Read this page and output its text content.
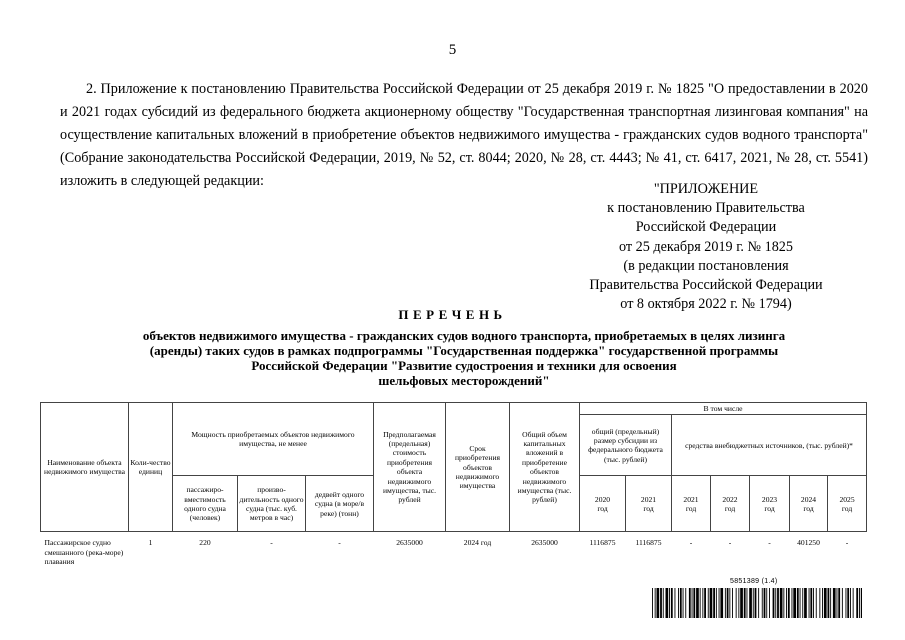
5
2. Приложение к постановлению Правительства Российской Федерации от 25 декабря 2019 г. № 1825 "О предоставлении в 2020 и 2021 годах субсидий из федерального бюджета акционерному обществу "Государственная транспортная лизинговая компания" на осуществление капитальных вложений в приобретение объектов недвижимого имущества - гражданских судов водного транспорта" (Собрание законодательства Российской Федерации, 2019, № 52, ст. 8044; 2020, № 28, ст. 4443; № 41, ст. 6417, 2021, № 28, ст. 5541) изложить в следующей редакции:	"ПРИЛОЖЕНИЕ
к постановлению Правительства
Российской Федерации
от 25 декабря 2019 г. № 1825
(в редакции постановления
Правительства Российской Федерации
от 8 октября 2022 г. № 1794)
ПЕРЕЧЕНЬ
объектов недвижимого имущества - гражданских судов водного транспорта, приобретаемых в целях лизинга
(аренды) таких судов в рамках подпрограммы "Государственная поддержка" государственной программы
Российской Федерации "Развитие судостроения и техники для освоения
шельфовых месторождений"
Наименование объекта недвижимого имущества	Коли-чество единиц	Мощность приобретаемых объектов недвижимого имущества, не менее			Предполагаемая (предельная) стоимость приобретения объекта недвижимого имущества, тыс. рублей	Срок приобретения объектов недвижимого имущества	Общий объем капитальных вложений в приобретение объектов недвижимого имущества (тыс. рублей)	В том числе						
								общий (предельный) размер субсидии из федерального бюджета (тыс. рублей)		средства внебюджетных источников, (тыс. рублей)*				
		пассажиро-вместимость одного судна (человек)	произво-дительность одного судна (тыс. куб. метров в час)	дедвейт одного судна (в море/в реке) (тонн)				2020
год	2021
год	2021
год	2022
год	2023
год	2024
год	2025
год
Пассажирское судно смешанного (река-море) плавания	1	220	-	-	2635000	2024 год	2635000	1116875	1116875	-	-	-	401250	-
5851389 (1.4)
